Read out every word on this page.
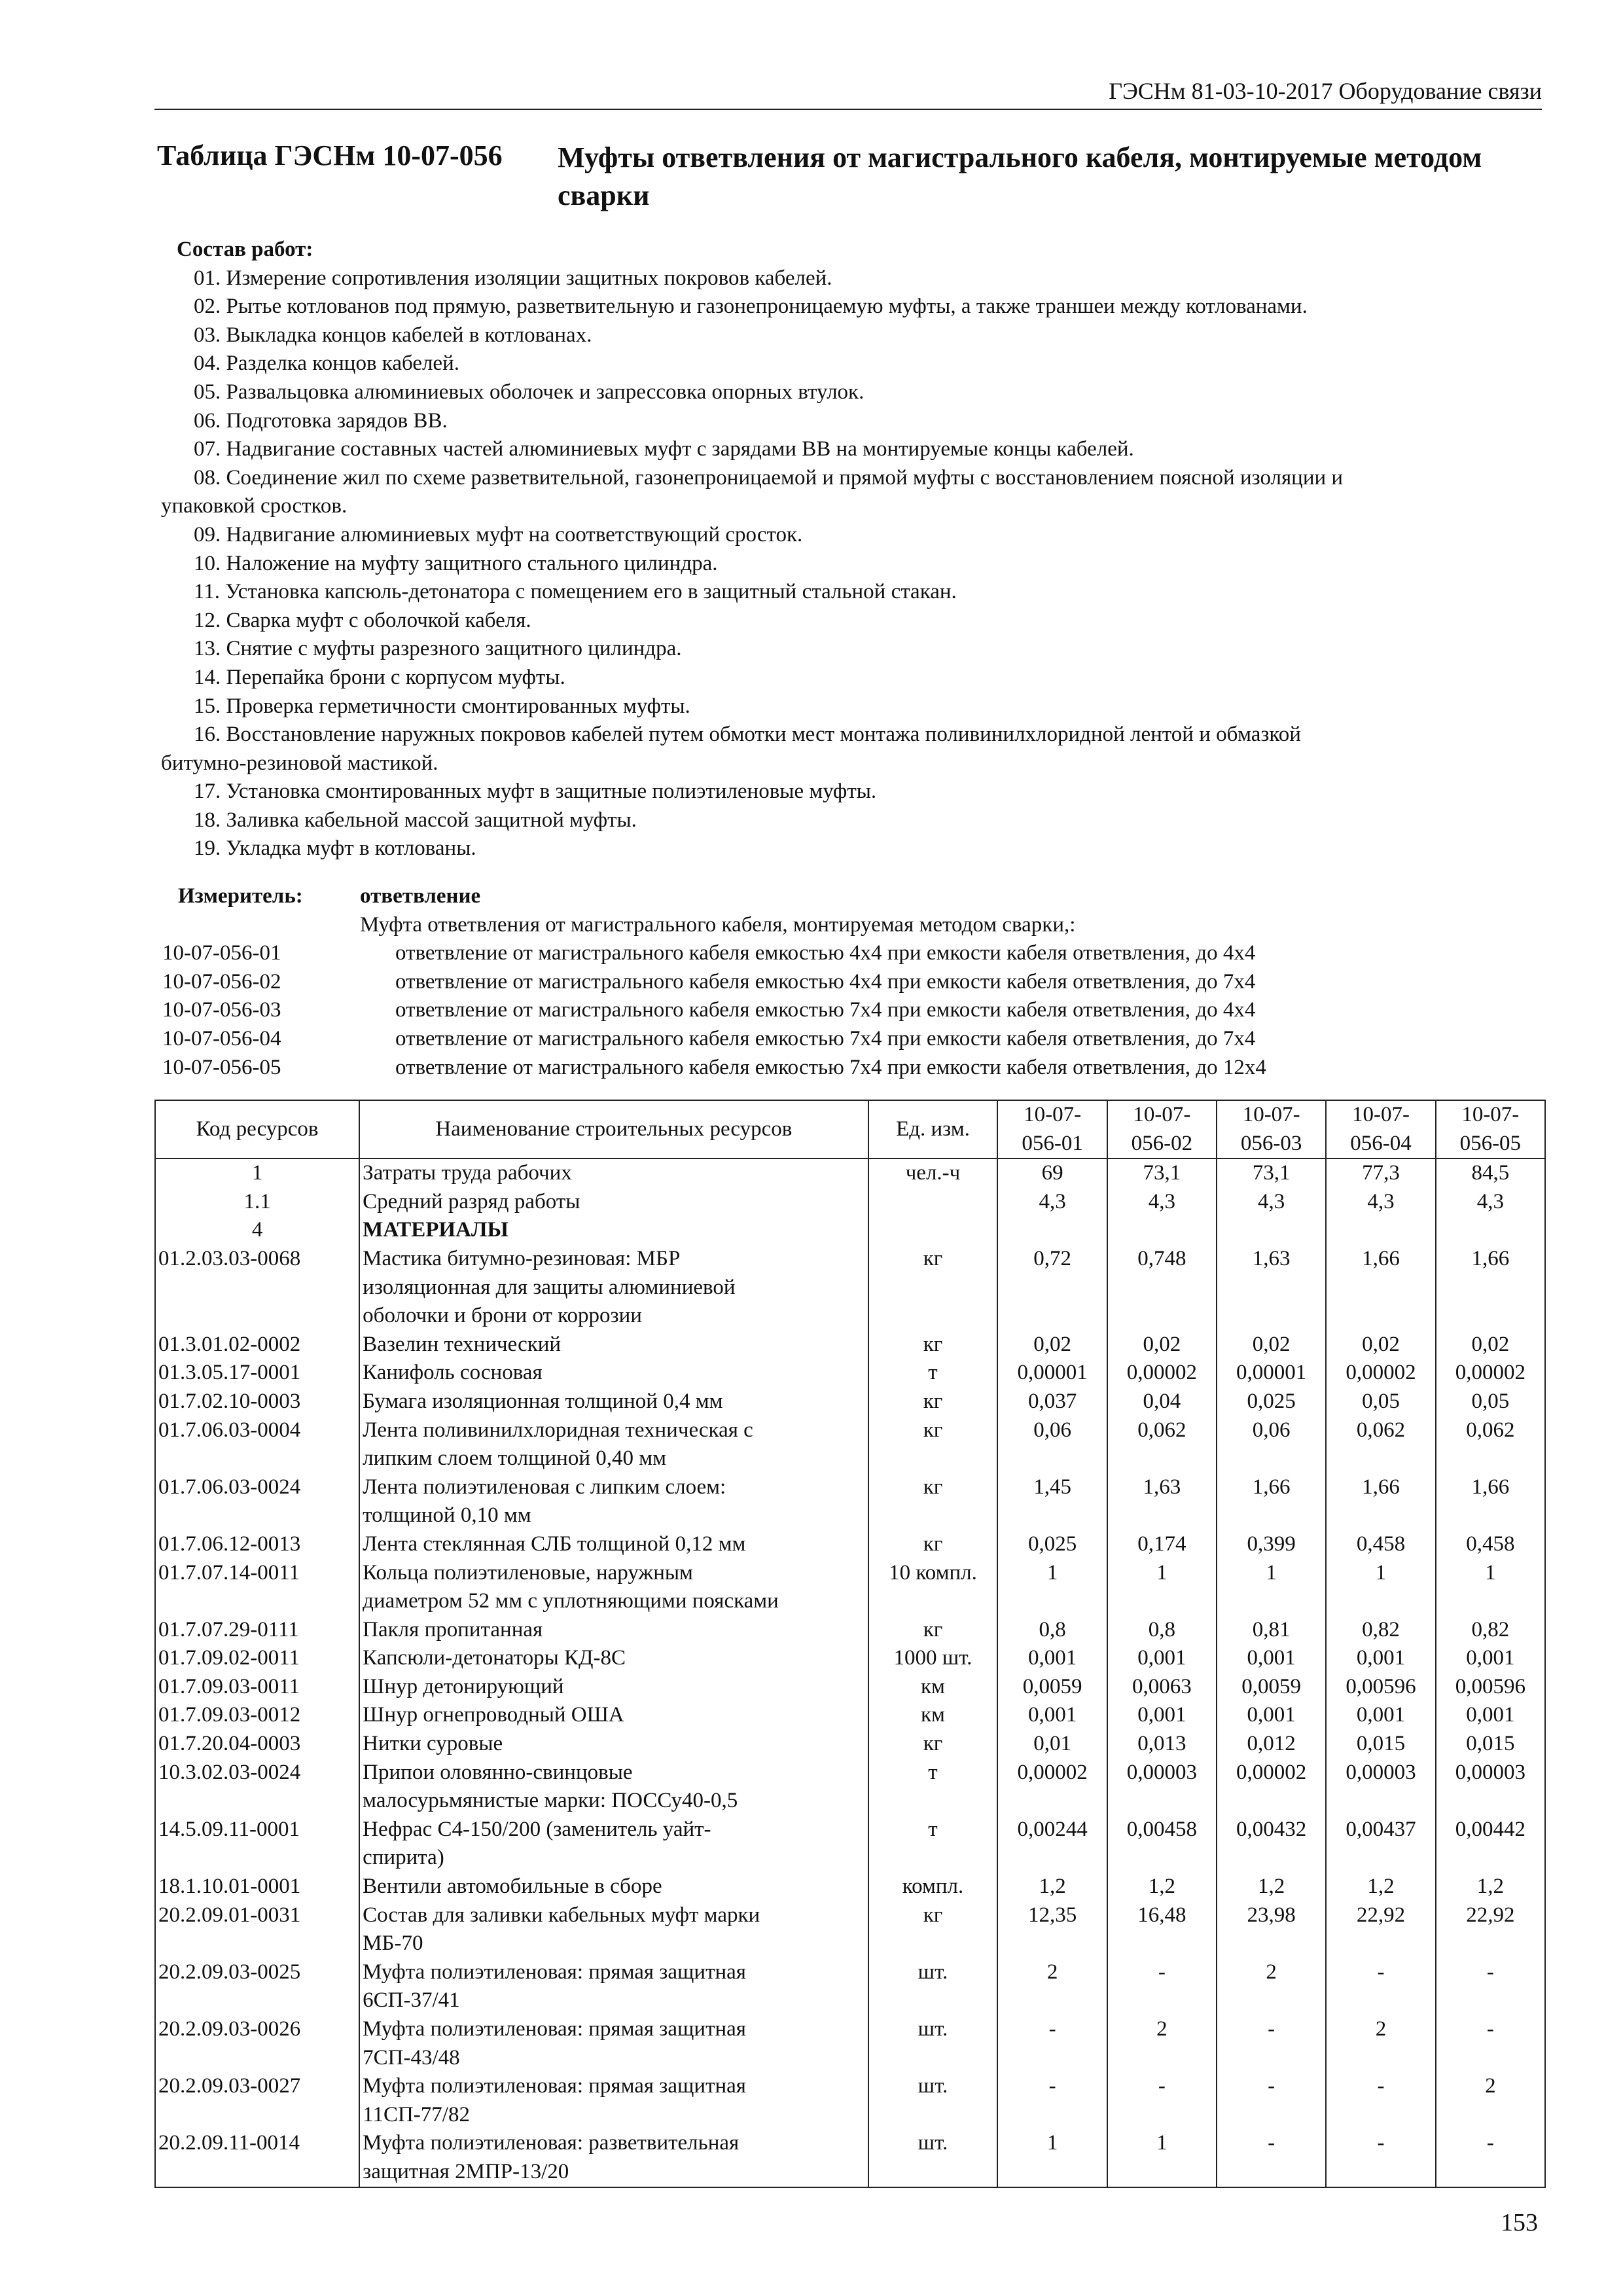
ГЭСНм 81-03-10-2017 Оборудование связи
Таблица ГЭСНм 10-07-056 Муфты ответвления от магистрального кабеля, монтируемые методом сварки
Состав работ:
01. Измерение сопротивления изоляции защитных покровов кабелей.
02. Рытье котлованов под прямую, разветвительную и газонепроницаемую муфты, а также траншеи между котлованами.
03. Выкладка концов кабелей в котлованах.
04. Разделка концов кабелей.
05. Развальцовка алюминиевых оболочек и запрессовка опорных втулок.
06. Подготовка зарядов ВВ.
07. Надвигание составных частей алюминиевых муфт с зарядами ВВ на монтируемые концы кабелей.
08. Соединение жил по схеме разветвительной, газонепроницаемой и прямой муфты с восстановлением поясной изоляции и
упаковкой сростков.
09. Надвигание алюминиевых муфт на соответствующий сросток.
10. Наложение на муфту защитного стального цилиндра.
11. Установка капсюль-детонатора с помещением его в защитный стальной стакан.
12. Сварка муфт с оболочкой кабеля.
13. Снятие с муфты разрезного защитного цилиндра.
14. Перепайка брони с корпусом муфты.
15. Проверка герметичности смонтированных муфты.
16. Восстановление наружных покровов кабелей путем обмотки мест монтажа поливинилхлоридной лентой и обмазкой
битумно-резиновой мастикой.
17. Установка смонтированных муфт в защитные полиэтиленовые муфты.
18. Заливка кабельной массой защитной муфты.
19. Укладка муфт в котлованы.
Измеритель:	ответвление
Муфта ответвления от магистрального кабеля, монтируемая методом сварки,:
10-07-056-01	ответвление от магистрального кабеля емкостью 4х4 при емкости кабеля ответвления, до 4х4
10-07-056-02	ответвление от магистрального кабеля емкостью 4х4 при емкости кабеля ответвления, до 7х4
10-07-056-03	ответвление от магистрального кабеля емкостью 7х4 при емкости кабеля ответвления, до 4х4
10-07-056-04	ответвление от магистрального кабеля емкостью 7х4 при емкости кабеля ответвления, до 7х4
10-07-056-05	ответвление от магистрального кабеля емкостью 7х4 при емкости кабеля ответвления, до 12х4
Код ресурсов	Наименование строительных ресурсов	Ед. изм.	10-07-
056-01	10-07-
056-02	10-07-
056-03	10-07-
056-04	10-07-
056-05
1	Затраты труда рабочих	чел.-ч	69	73,1	73,1	77,3	84,5
1.1	Средний разряд работы		4,3	4,3	4,3	4,3	4,3
4	МАТЕРИАЛЫ						

01.2.03.03-0068	Мастика битумно-резиновая: МБР
изоляционная для защиты алюминиевой
оболочки и брони от коррозии	кг	0,72	0,748	1,63	1,66	1,66
01.3.01.02-0002	Вазелин технический	кг	0,02	0,02	0,02	0,02	0,02
01.3.05.17-0001	Канифоль сосновая	т	0,00001	0,00002	0,00001	0,00002	0,00002
01.7.02.10-0003	Бумага изоляционная толщиной 0,4 мм	кг	0,037	0,04	0,025	0,05	0,05
01.7.06.03-0004	Лента поливинилхлоридная техническая с
липким слоем толщиной 0,40 мм	кг	0,06	0,062	0,06	0,062	0,062
01.7.06.03-0024	Лента полиэтиленовая с липким слоем:
толщиной 0,10 мм	кг	1,45	1,63	1,66	1,66	1,66
01.7.06.12-0013	Лента стеклянная СЛБ толщиной 0,12 мм	кг	0,025	0,174	0,399	0,458	0,458
01.7.07.14-0011	Кольца полиэтиленовые, наружным
диаметром 52 мм с уплотняющими поясками	10 компл.	1	1	1	1	1
01.7.07.29-0111	Пакля пропитанная	кг	0,8	0,8	0,81	0,82	0,82
01.7.09.02-0011	Капсюли-детонаторы КД-8С	1000 шт.	0,001	0,001	0,001	0,001	0,001
01.7.09.03-0011	Шнур детонирующий	км	0,0059	0,0063	0,0059	0,00596	0,00596
01.7.09.03-0012	Шнур огнепроводный ОША	км	0,001	0,001	0,001	0,001	0,001
01.7.20.04-0003	Нитки суровые	кг	0,01	0,013	0,012	0,015	0,015
10.3.02.03-0024	Припои оловянно-свинцовые
малосурьмянистые марки: ПОССу40-0,5	т	0,00002	0,00003	0,00002	0,00003	0,00003
14.5.09.11-0001	Нефрас С4-150/200 (заменитель уайт-
спирита)	т	0,00244	0,00458	0,00432	0,00437	0,00442
18.1.10.01-0001	Вентили автомобильные в сборе	компл.	1,2	1,2	1,2	1,2	1,2
20.2.09.01-0031	Состав для заливки кабельных муфт марки
МБ-70	кг	12,35	16,48	23,98	22,92	22,92
20.2.09.03-0025	Муфта полиэтиленовая: прямая защитная
6СП-37/41	шт.	2	-	2	-	-
20.2.09.03-0026	Муфта полиэтиленовая: прямая защитная
7СП-43/48	шт.	-	2	-	2	-
20.2.09.03-0027	Муфта полиэтиленовая: прямая защитная
11СП-77/82	шт.	-	-	-	-	2
20.2.09.11-0014	Муфта полиэтиленовая: разветвительная
защитная 2МПР-13/20	шт.	1	1	-	-	-
153
